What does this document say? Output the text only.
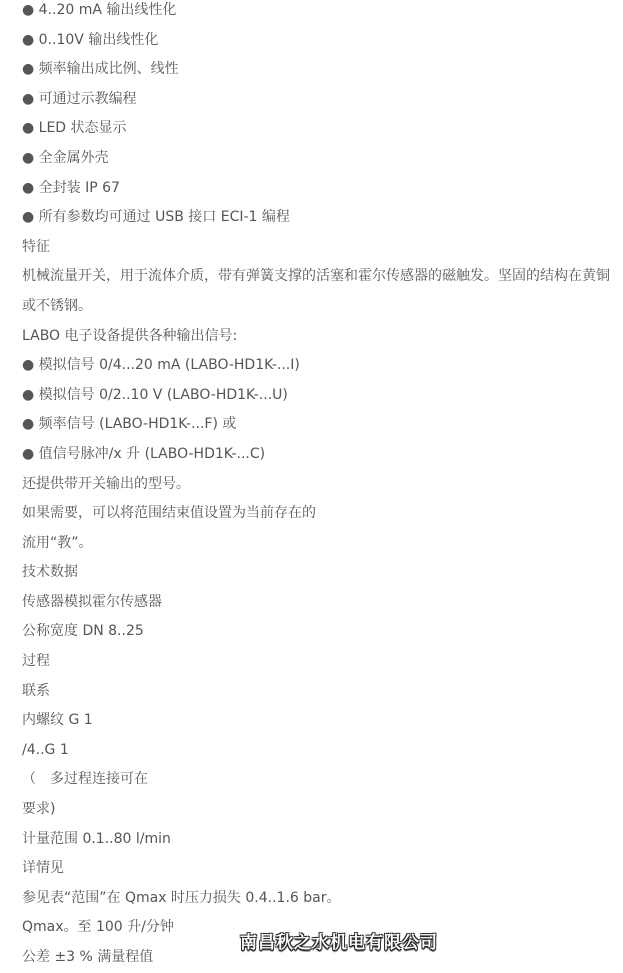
● 4..20 mA 输出线性化
● 0..10V 输出线性化
● 频率输出成比例、线性
● 可通过示教编程
● LED 状态显示
● 全金属外壳
● 全封装 IP 67
● 所有参数均可通过 USB 接口 ECI-1 编程
特征
机械流量开关，用于流体介质，带有弹簧支撑的活塞和霍尔传感器的磁触发。坚固的结构在黄铜或不锈钢。
LABO 电子设备提供各种输出信号:
● 模拟信号 0/4...20 mA (LABO-HD1K-...I)
● 模拟信号 0/2..10 V (LABO-HD1K-...U)
● 频率信号 (LABO-HD1K-...F) 或
● 值信号脉冲/x 升 (LABO-HD1K-...C)
还提供带开关输出的型号。
如果需要，可以将范围结束值设置为当前存在的
流用“教”。
技术数据
传感器模拟霍尔传感器
公称宽度 DN 8..25
过程
联系
内螺纹 G 1
/4..G 1
（　多过程连接可在
要求)
计量范围 0.1..80 l/min
详情见
参见表“范围”在 Qmax 时压力损失 0.4..1.6 bar。
Qmax。至 100 升/分钟
公差 ±3 % 满量程值
南昌秋之水机电有限公司
